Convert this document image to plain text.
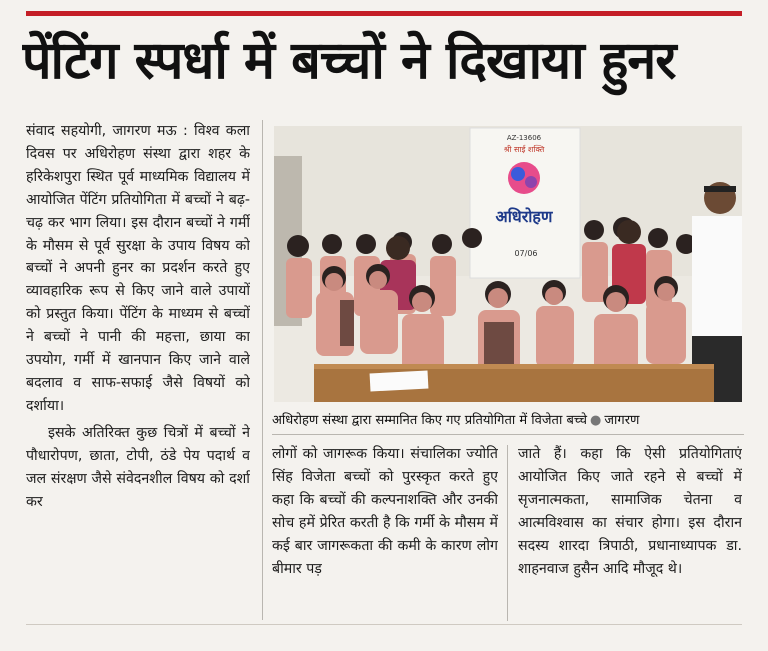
पेंटिंग स्पर्धा में बच्चों ने दिखाया हुनर

संवाद सहयोगी, जागरण मऊ : विश्व कला दिवस पर अधिरोहण संस्था द्वारा शहर के हरिकेशपुरा स्थित पूर्व माध्यमिक विद्यालय में आयोजित पेंटिंग प्रतियोगिता में बच्चों ने बढ़-चढ़ कर भाग लिया। इस दौरान बच्चों ने गर्मी के मौसम से पूर्व सुरक्षा के उपाय विषय को बच्चों ने अपनी हुनर का प्रदर्शन करते हुए व्यावहारिक रूप से किए जाने वाले उपायों को प्रस्तुत किया। पेंटिंग के माध्यम से बच्चों ने बच्चों ने पानी की महत्ता, छाया का उपयोग, गर्मी में खानपान किए जाने वाले बदलाव व साफ-सफाई जैसे विषयों को दर्शाया।

इसके अतिरिक्त कुछ चित्रों में बच्चों ने पौधारोपण, छाता, टोपी, ठंडे पेय पदार्थ व जल संरक्षण जैसे संवेदनशील विषय को दर्शा कर

AZ-13606
श्री साई शक्ति
अधिरोहण
07/06
अधिरोहण संस्था द्वारा सम्मानित किए गए प्रतियोगिता में विजेता बच्चे ● जागरण

लोगों को जागरूक किया। संचालिका ज्योति सिंह विजेता बच्चों को पुरस्कृत करते हुए कहा कि बच्चों की कल्पनाशक्ति और उनकी सोच हमें प्रेरित करती है कि गर्मी के मौसम में कई बार जागरूकता की कमी के कारण लोग बीमार पड़

जाते हैं। कहा कि ऐसी प्रतियोगिताएं आयोजित किए जाते रहने से बच्चों में सृजनात्मकता, सामाजिक चेतना व आत्मविश्वास का संचार होगा। इस दौरान सदस्य शारदा त्रिपाठी, प्रधानाध्यापक डा. शाहनवाज हुसैन आदि मौजूद थे।
